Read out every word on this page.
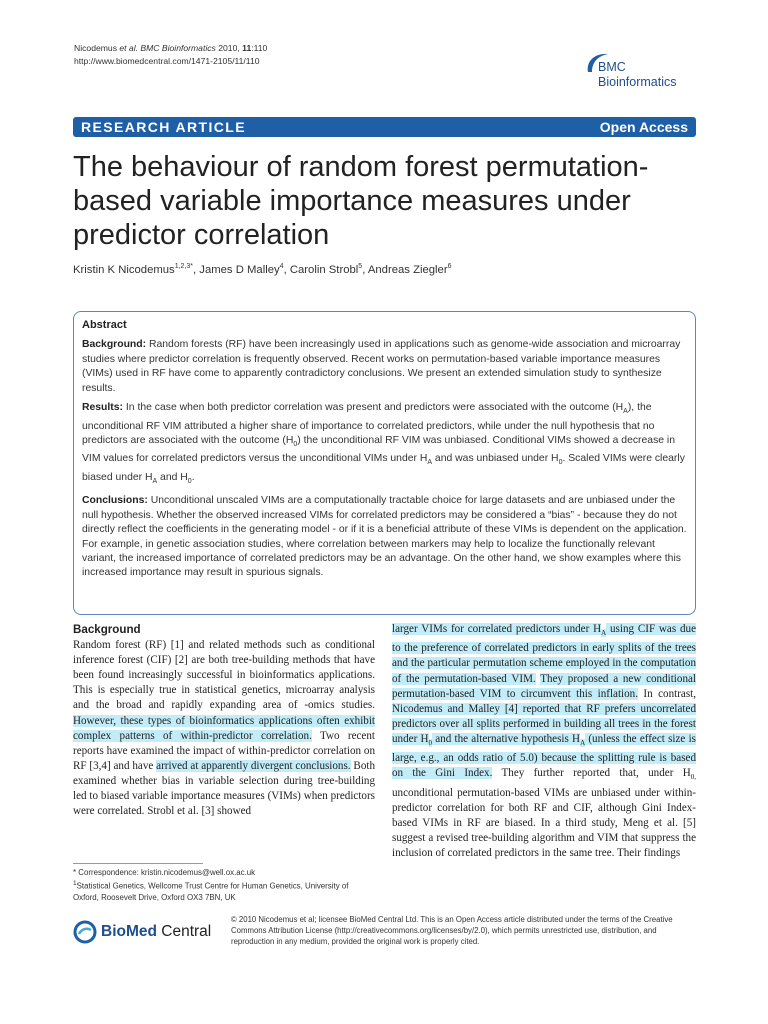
Nicodemus et al. BMC Bioinformatics 2010, 11:110
http://www.biomedcentral.com/1471-2105/11/110	BMC
Bioinformatics
RESEARCH ARTICLE	Open Access
The behaviour of random forest permutation-based variable importance measures under predictor correlation
Kristin K Nicodemus$^{1,2,3*}$, James D Malley$^4$, Carolin Strobl$^5$, Andreas Ziegler$^6$
Abstract

Background: Random forests (RF) have been increasingly used in applications such as genome-wide association and microarray studies where predictor correlation is frequently observed. Recent works on permutation-based variable importance measures (VIMs) used in RF have come to apparently contradictory conclusions. We present an extended simulation study to synthesize results.

Results: In the case when both predictor correlation was present and predictors were associated with the outcome $(H_A)$, the unconditional RF VIM attributed a higher share of importance to correlated predictors, while under the null hypothesis that no predictors are associated with the outcome $(H_0)$ the unconditional RF VIM was unbiased. Conditional VIMs showed a decrease in VIM values for correlated predictors versus the unconditional VIMs under $H_A$ and was unbiased under $H_0$. Scaled VIMs were clearly biased under $H_A$ and $H_0$.

Conclusions: Unconditional unscaled VIMs are a computationally tractable choice for large datasets and are unbiased under the null hypothesis. Whether the observed increased VIMs for correlated predictors may be considered a “bias” - because they do not directly reflect the coefficients in the generating model - or if it is a beneficial attribute of these VIMs is dependent on the application. For example, in genetic association studies, where correlation between markers may help to localize the functionally relevant variant, the increased importance of correlated predictors may be an advantage. On the other hand, we show examples where this increased importance may result in spurious signals.

Background
Random forest (RF) [1] and related methods such as conditional inference forest (CIF) [2] are both tree-building methods that have been found increasingly successful in bioinformatics applications. This is especially true in statistical genetics, microarray analysis and the broad and rapidly expanding area of -omics studies. However, these types of bioinformatics applications often exhibit complex patterns of within-predictor correlation. Two recent reports have examined the impact of within-predictor correlation on RF [3,4] and have arrived at apparently divergent conclusions. Both examined whether bias in variable selection during tree-building led to biased variable importance measures (VIMs) when predictors were correlated. Strobl et al. [3] showed
larger VIMs for correlated predictors under $H_A$ using CIF was due to the preference of correlated predictors in early splits of the trees and the particular permutation scheme employed in the computation of the permutation-based VIM. They proposed a new conditional permutation-based VIM to circumvent this inflation. In contrast, Nicodemus and Malley [4] reported that RF prefers uncorrelated predictors over all splits performed in building all trees in the forest under $H_0$ and the alternative hypothesis $H_A$ (unless the effect size is large, e.g., an odds ratio of 5.0) because the splitting rule is based on the Gini Index. They further reported that, under $H_{0,}$ unconditional permutation-based VIMs are unbiased under within-predictor correlation for both RF and CIF, although Gini Index-based VIMs in RF are biased. In a third study, Meng et al. [5] suggest a revised tree-building algorithm and VIM that suppress the inclusion of correlated predictors in the same tree. Their findings
* Correspondence: kristin.nicodemus@well.ox.ac.uk
$^1$Statistical Genetics, Wellcome Trust Centre for Human Genetics, University of Oxford, Roosevelt Drive, Oxford OX3 7BN, UK
BioMed Central
© 2010 Nicodemus et al; licensee BioMed Central Ltd. This is an Open Access article distributed under the terms of the Creative Commons Attribution License (http://creativecommons.org/licenses/by/2.0), which permits unrestricted use, distribution, and reproduction in any medium, provided the original work is properly cited.
